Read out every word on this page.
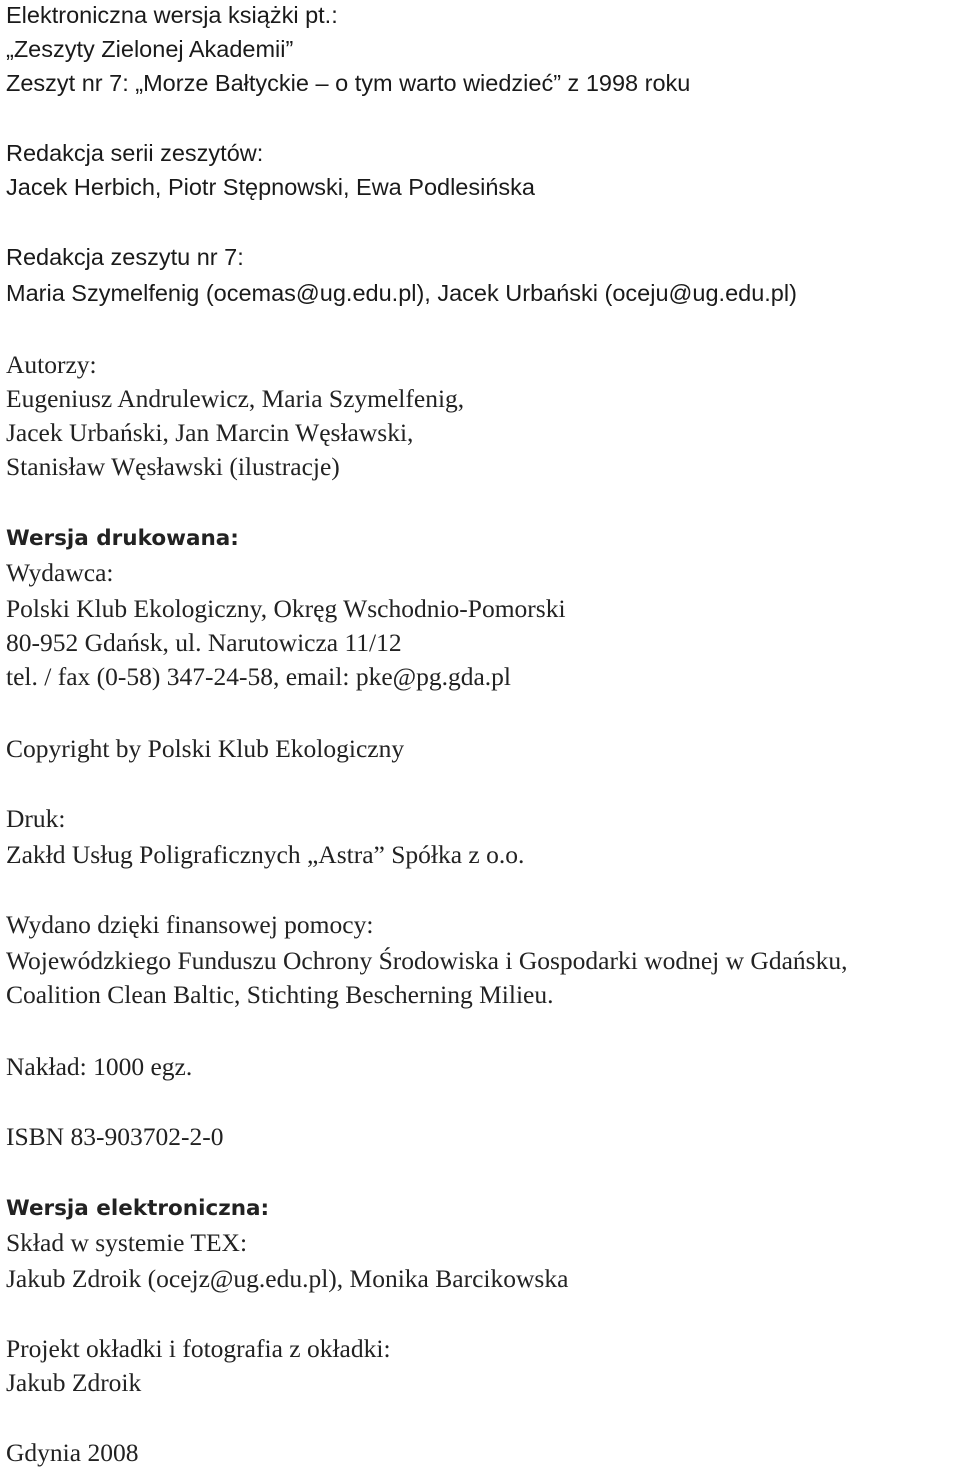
Elektroniczna wersja książki pt.:
„Zeszyty Zielonej Akademii”
Zeszyt nr 7: „Morze Bałtyckie – o tym warto wiedzieć” z 1998 roku
Redakcja serii zeszytów:
Jacek Herbich, Piotr Stępnowski, Ewa Podlesińska
Redakcja zeszytu nr 7:
Maria Szymelfenig (ocemas@ug.edu.pl), Jacek Urbański (oceju@ug.edu.pl)
Autorzy:
Eugeniusz Andrulewicz, Maria Szymelfenig,
Jacek Urbański, Jan Marcin Węsławski,
Stanisław Węsławski (ilustracje)
Wersja drukowana:
Wydawca:
Polski Klub Ekologiczny, Okręg Wschodnio-Pomorski
80-952 Gdańsk, ul. Narutowicza 11/12
tel. / fax (0-58) 347-24-58, email: pke@pg.gda.pl
Copyright by Polski Klub Ekologiczny
Druk:
Zakłd Usług Poligraficznych „Astra” Spółka z o.o.
Wydano dzięki finansowej pomocy:
Wojewódzkiego Funduszu Ochrony Środowiska i Gospodarki wodnej w Gdańsku,
Coalition Clean Baltic, Stichting Bescherning Milieu.
Nakład: 1000 egz.
ISBN 83-903702-2-0
Wersja elektroniczna:
Skład w systemie TEX:
Jakub Zdroik (ocejz@ug.edu.pl), Monika Barcikowska
Projekt okładki i fotografia z okładki:
Jakub Zdroik
Gdynia 2008
